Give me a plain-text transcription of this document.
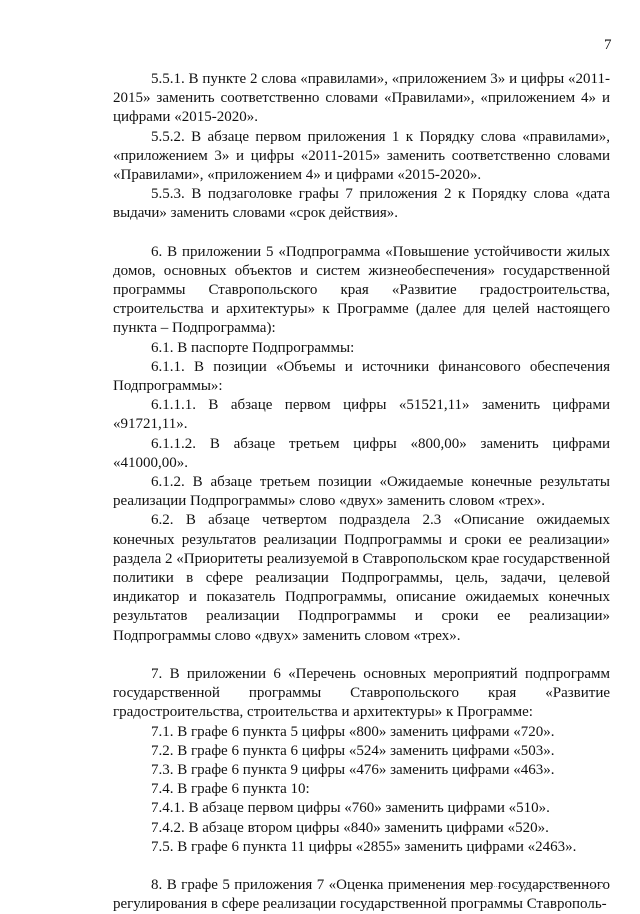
7

5.5.1. В пункте 2 слова «правилами», «приложением 3» и цифры «2011-2015» заменить соответственно словами «Правилами», «приложением 4» и цифрами «2015-2020».

5.5.2. В абзаце первом приложения 1 к Порядку слова «правилами», «приложением 3» и цифры «2011-2015» заменить соответственно словами «Правилами», «приложением 4» и цифрами «2015-2020».

5.5.3. В подзаголовке графы 7 приложения 2 к Порядку слова «дата выдачи» заменить словами «срок действия».

6. В приложении 5 «Подпрограмма «Повышение устойчивости жилых домов, основных объектов и систем жизнеобеспечения» государственной программы Ставропольского края «Развитие градостроительства, строительства и архитектуры» к Программе (далее для целей настоящего пункта – Подпрограмма):

6.1. В паспорте Подпрограммы:

6.1.1. В позиции «Объемы и источники финансового обеспечения Подпрограммы»:

6.1.1.1. В абзаце первом цифры «51521,11» заменить цифрами «91721,11».

6.1.1.2. В абзаце третьем цифры «800,00» заменить цифрами «41000,00».

6.1.2. В абзаце третьем позиции «Ожидаемые конечные результаты реализации Подпрограммы» слово «двух» заменить словом «трех».

6.2. В абзаце четвертом подраздела 2.3 «Описание ожидаемых конечных результатов реализации Подпрограммы и сроки ее реализации» раздела 2 «Приоритеты реализуемой в Ставропольском крае государственной политики в сфере реализации Подпрограммы, цель, задачи, целевой индикатор и показатель Подпрограммы, описание ожидаемых конечных результатов реализации Подпрограммы и сроки ее реализации» Подпрограммы слово «двух» заменить словом «трех».

7. В приложении 6 «Перечень основных мероприятий подпрограмм государственной программы Ставропольского края «Развитие градостроительства, строительства и архитектуры» к Программе:

7.1. В графе 6 пункта 5 цифры «800» заменить цифрами «720».

7.2. В графе 6 пункта 6 цифры «524» заменить цифрами «503».

7.3. В графе 6 пункта 9 цифры «476» заменить цифрами «463».

7.4. В графе 6 пункта 10:

7.4.1. В абзаце первом цифры «760» заменить цифрами «510».

7.4.2. В абзаце втором цифры «840» заменить цифрами «520».

7.5. В графе 6 пункта 11 цифры «2855» заменить цифрами «2463».

8. В графе 5 приложения 7 «Оценка применения мер государственного регулирования в сфере реализации государственной программы Ставрополь-
